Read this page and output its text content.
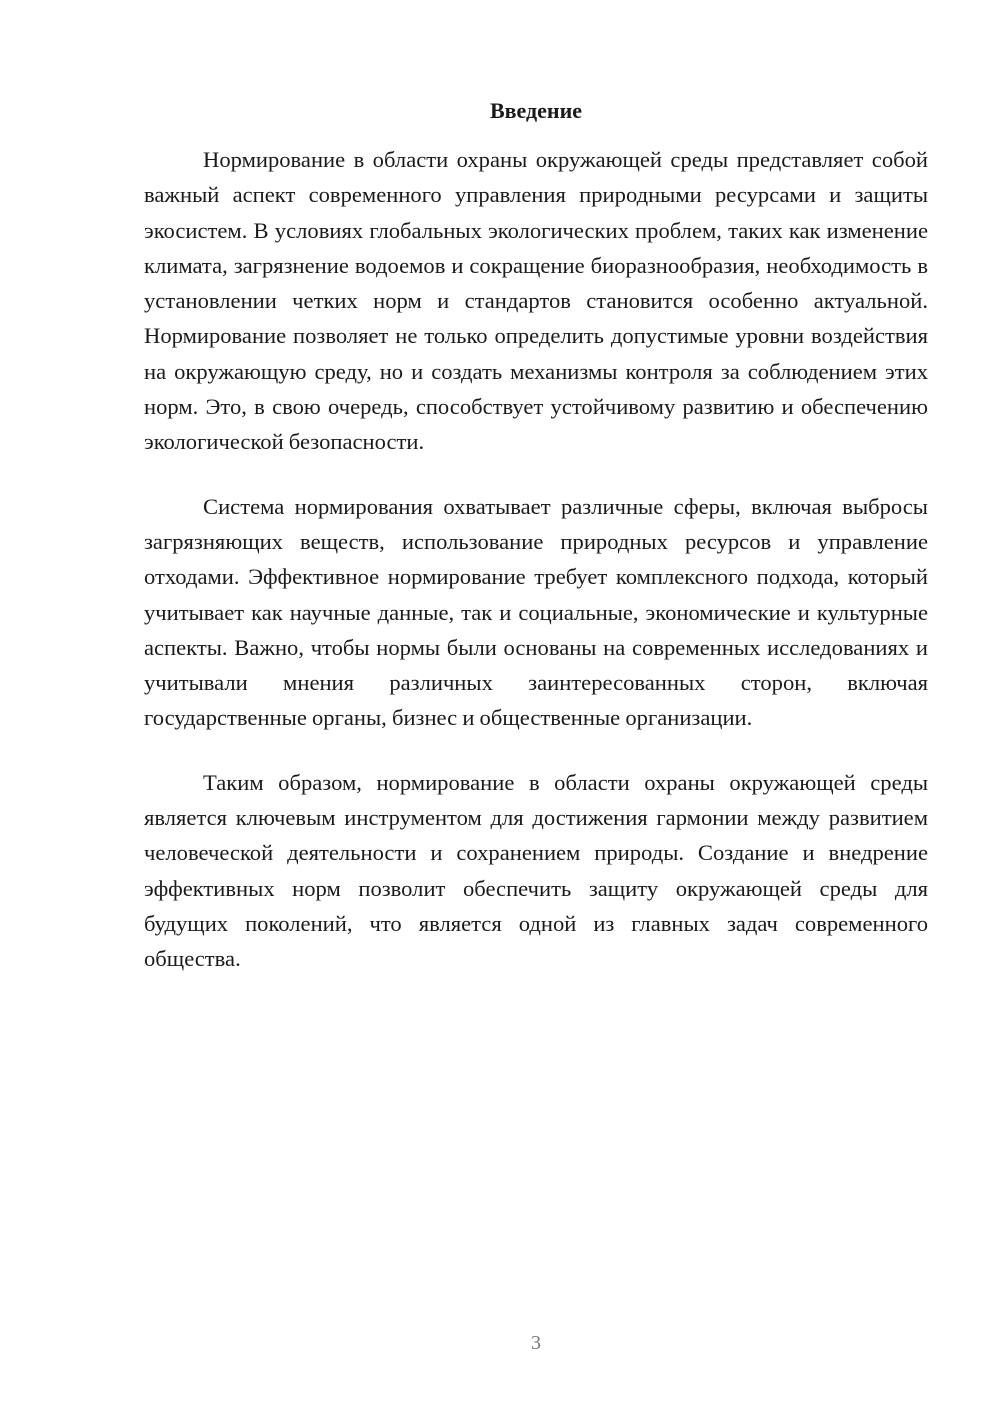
Введение

Нормирование в области охраны окружающей среды представляет собой важный аспект современного управления природными ресурсами и защиты экосистем. В условиях глобальных экологических проблем, таких как изменение климата, загрязнение водоемов и сокращение биоразнообразия, необходимость в установлении четких норм и стандартов становится особенно актуальной. Нормирование позволяет не только определить допустимые уровни воздействия на окружающую среду, но и создать механизмы контроля за соблюдением этих норм. Это, в свою очередь, способствует устойчивому развитию и обеспечению экологической безопасности.

Система нормирования охватывает различные сферы, включая выбросы загрязняющих веществ, использование природных ресурсов и управление отходами. Эффективное нормирование требует комплексного подхода, который учитывает как научные данные, так и социальные, экономические и культурные аспекты. Важно, чтобы нормы были основаны на современных исследованиях и учитывали мнения различных заинтересованных сторон, включая государственные органы, бизнес и общественные организации.

Таким образом, нормирование в области охраны окружающей среды является ключевым инструментом для достижения гармонии между развитием человеческой деятельности и сохранением природы. Создание и внедрение эффективных норм позволит обеспечить защиту окружающей среды для будущих поколений, что является одной из главных задач современного общества.

3
